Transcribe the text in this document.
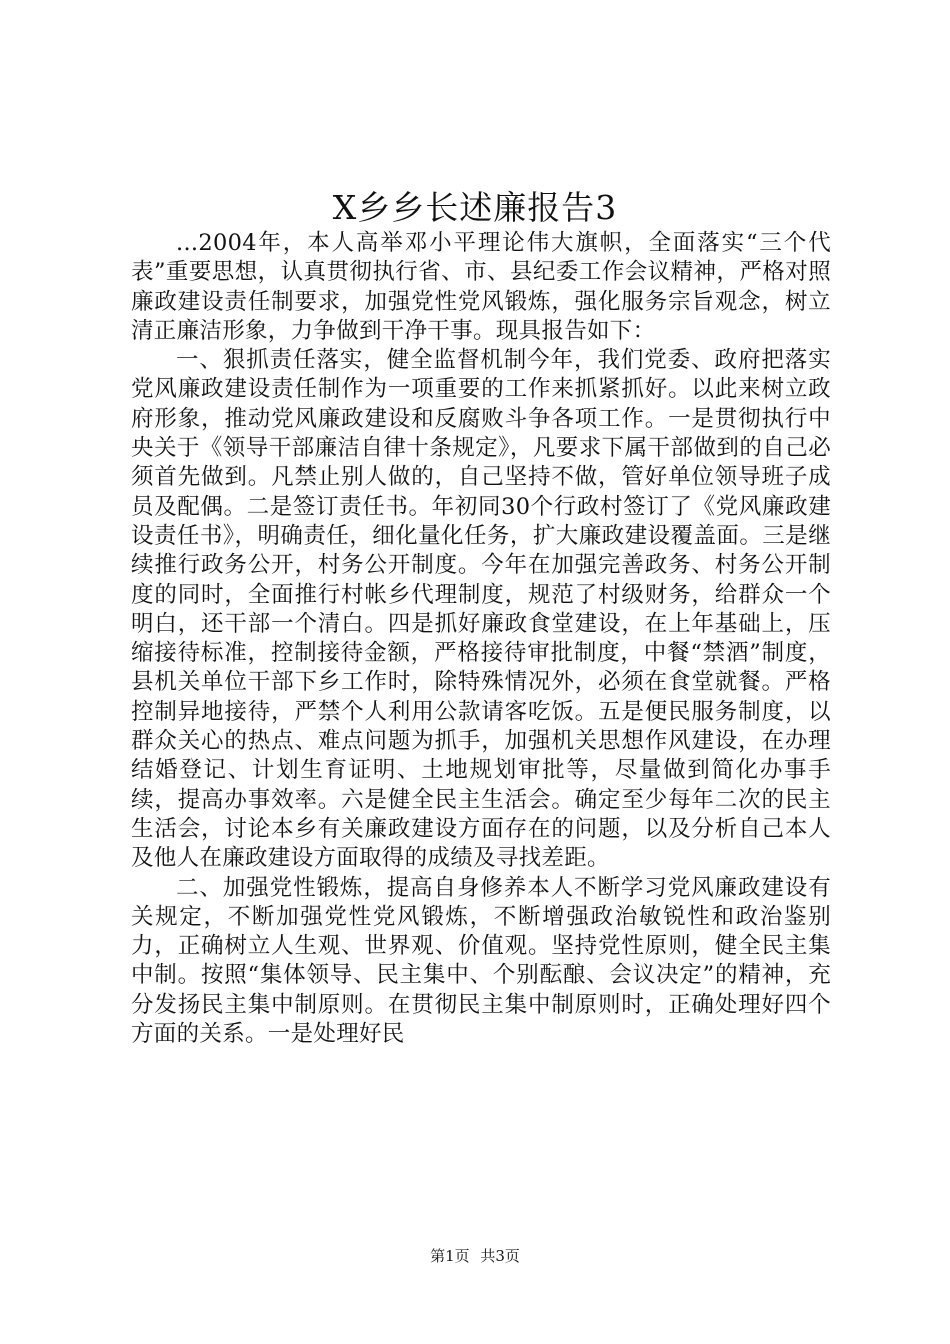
X乡乡长述廉报告3

...2004年，本人高举邓小平理论伟大旗帜，全面落实“三个代表”重要思想，认真贯彻执行省、市、县纪委工作会议精神，严格对照廉政建设责任制要求，加强党性党风锻炼，强化服务宗旨观念，树立清正廉洁形象，力争做到干净干事。现具报告如下：

一、狠抓责任落实，健全监督机制今年，我们党委、政府把落实党风廉政建设责任制作为一项重要的工作来抓紧抓好。以此来树立政府形象，推动党风廉政建设和反腐败斗争各项工作。一是贯彻执行中央关于《领导干部廉洁自律十条规定》，凡要求下属干部做到的自己必须首先做到。凡禁止别人做的，自己坚持不做，管好单位领导班子成员及配偶。二是签订责任书。年初同30个行政村签订了《党风廉政建设责任书》，明确责任，细化量化任务，扩大廉政建设覆盖面。三是继续推行政务公开，村务公开制度。今年在加强完善政务、村务公开制度的同时，全面推行村帐乡代理制度，规范了村级财务，给群众一个明白，还干部一个清白。四是抓好廉政食堂建设，在上年基础上，压缩接待标准，控制接待金额，严格接待审批制度，中餐“禁酒”制度，县机关单位干部下乡工作时，除特殊情况外，必须在食堂就餐。严格控制异地接待，严禁个人利用公款请客吃饭。五是便民服务制度，以群众关心的热点、难点问题为抓手，加强机关思想作风建设，在办理结婚登记、计划生育证明、土地规划审批等，尽量做到简化办事手续，提高办事效率。六是健全民主生活会。确定至少每年二次的民主生活会，讨论本乡有关廉政建设方面存在的问题，以及分析自己本人及他人在廉政建设方面取得的成绩及寻找差距。

二、加强党性锻炼，提高自身修养本人不断学习党风廉政建设有关规定，不断加强党性党风锻炼，不断增强政治敏锐性和政治鉴别力，正确树立人生观、世界观、价值观。坚持党性原则，健全民主集中制。按照“集体领导、民主集中、个别酝酿、会议决定”的精神，充分发扬民主集中制原则。在贯彻民主集中制原则时，正确处理好四个方面的关系。一是处理好民

第1页 共3页
